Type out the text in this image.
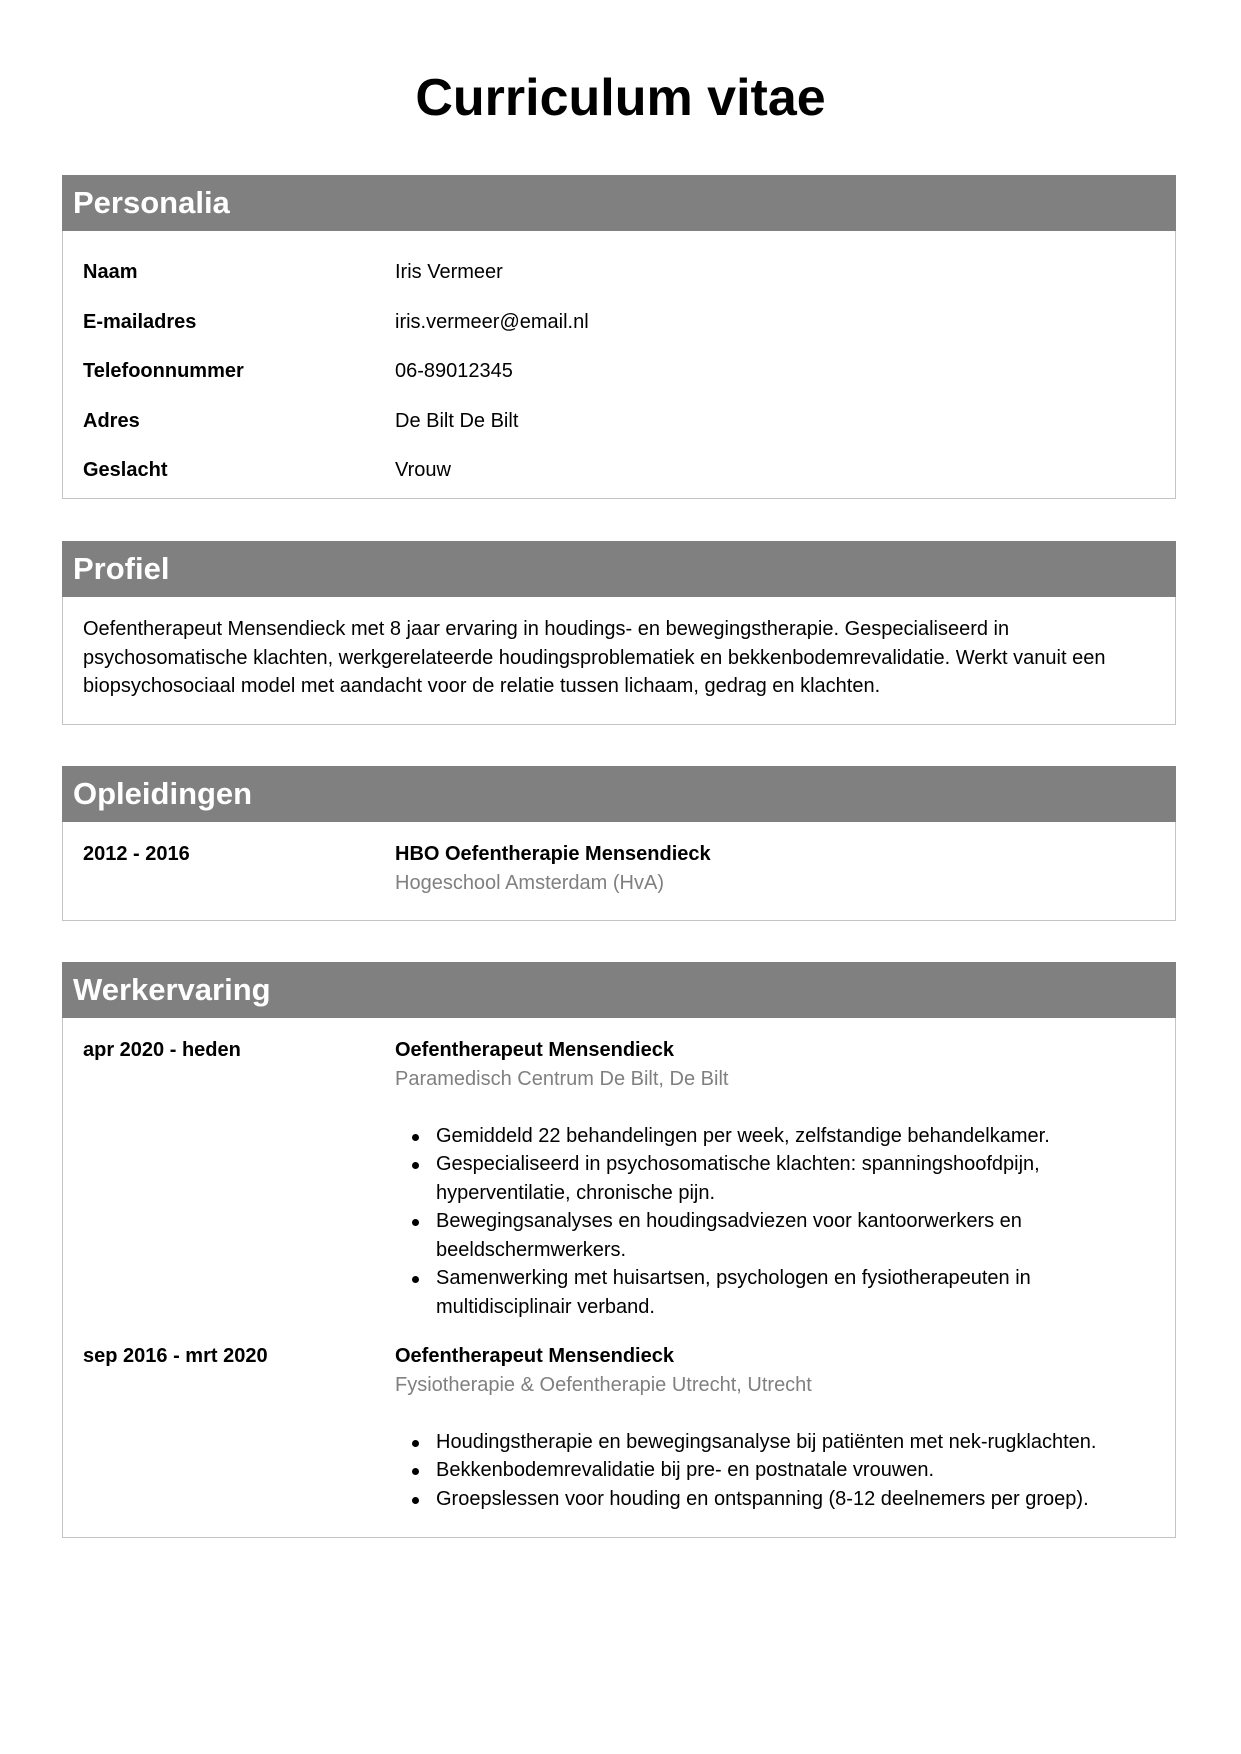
Curriculum vitae
Personalia
Naam	Iris Vermeer
E-mailadres	iris.vermeer@email.nl
Telefoonnummer	06-89012345
Adres	De Bilt De Bilt
Geslacht	Vrouw
Profiel
Oefentherapeut Mensendieck met 8 jaar ervaring in houdings- en bewegingstherapie. Gespecialiseerd in psychosomatische klachten, werkgerelateerde houdingsproblematiek en bekkenbodemrevalidatie. Werkt vanuit een biopsychosociaal model met aandacht voor de relatie tussen lichaam, gedrag en klachten.
Opleidingen
2012 - 2016	HBO Oefentherapie Mensendieck
Hogeschool Amsterdam (HvA)
Werkervaring
apr 2020 - heden	Oefentherapeut Mensendieck
Paramedisch Centrum De Bilt, De Bilt
Gemiddeld 22 behandelingen per week, zelfstandige behandelkamer.
Gespecialiseerd in psychosomatische klachten: spanningshoofdpijn, hyperventilatie, chronische pijn.
Bewegingsanalyses en houdingsadviezen voor kantoorwerkers en beeldschermwerkers.
Samenwerking met huisartsen, psychologen en fysiotherapeuten in multidisciplinair verband.
sep 2016 - mrt 2020	Oefentherapeut Mensendieck
Fysiotherapie & Oefentherapie Utrecht, Utrecht
Houdingstherapie en bewegingsanalyse bij patiënten met nek-rugklachten.
Bekkenbodemrevalidatie bij pre- en postnatale vrouwen.
Groepslessen voor houding en ontspanning (8-12 deelnemers per groep).
